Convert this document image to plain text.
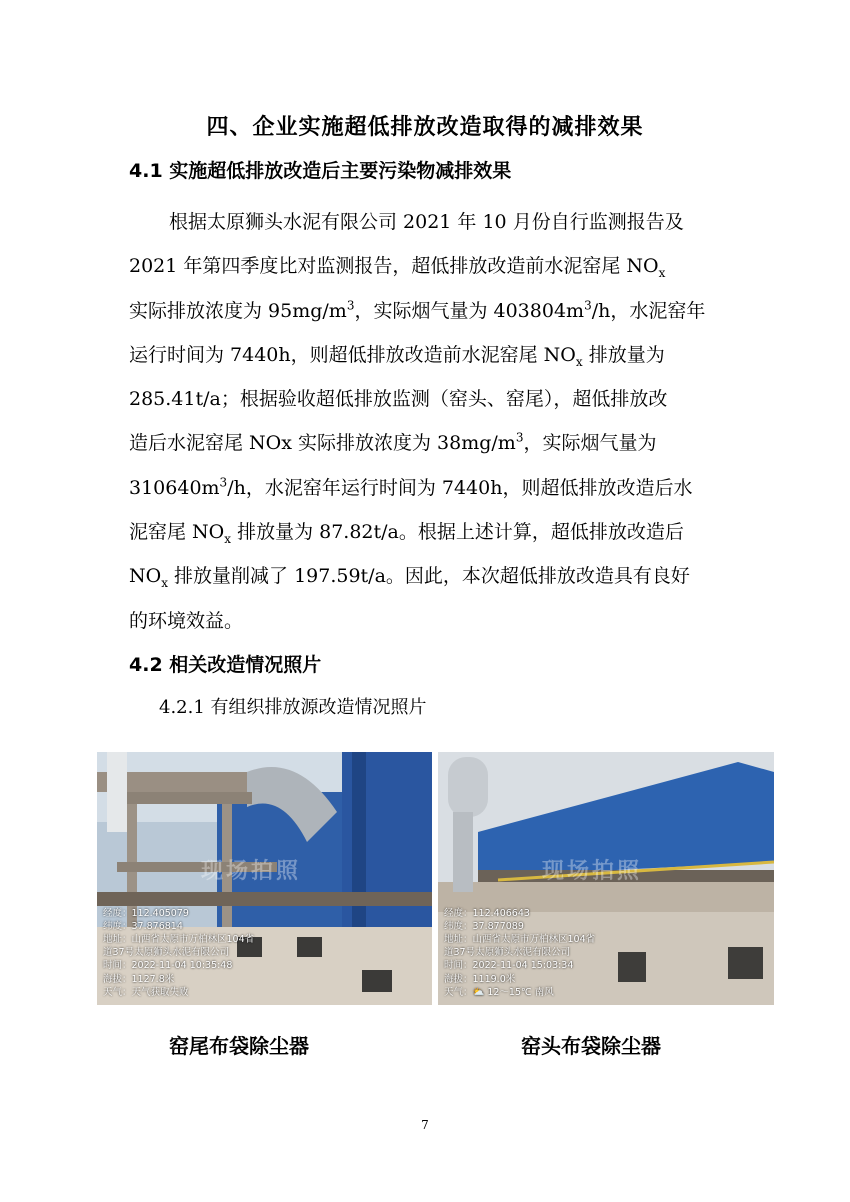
四、企业实施超低排放改造取得的减排效果
4.1 实施超低排放改造后主要污染物减排效果
根据太原狮头水泥有限公司 2021 年 10 月份自行监测报告及
2021 年第四季度比对监测报告，超低排放改造前水泥窑尾 $NO_x$
实际排放浓度为 $95mg/m^3$，实际烟气量为 $403804m^3/h$，水泥窑年
运行时间为 7440h，则超低排放改造前水泥窑尾 $NO_x$ 排放量为
285.41t/a；根据验收超低排放监测（窑头、窑尾），超低排放改
造后水泥窑尾 NOx 实际排放浓度为 $38mg/m^3$，实际烟气量为
$310640m^3/h$，水泥窑年运行时间为 7440h，则超低排放改造后水
泥窑尾 $NO_x$ 排放量为 87.82t/a。根据上述计算，超低排放改造后
$NO_x$ 排放量削减了 197.59t/a。因此，本次超低排放改造具有良好
的环境效益。
4.2 相关改造情况照片
4.2.1 有组织排放源改造情况照片
现场拍照
经度：112.405079
纬度：37.876814
地址：山西省太原市万柏林区104省
道37号太原狮头水泥有限公司
时间：2022-11-04 10:35:48
海拔：1127.8米
天气：天气获取失败
现场拍照
经度：112.406643
纬度：37.877089
地址：山西省太原市万柏林区104省
道37号太原狮头水泥有限公司
时间：2022-11-04 15:03:34
海拔：1119.0米
天气：⛅ 12～15℃ 南风
窑尾布袋除尘器	窑头布袋除尘器
7
